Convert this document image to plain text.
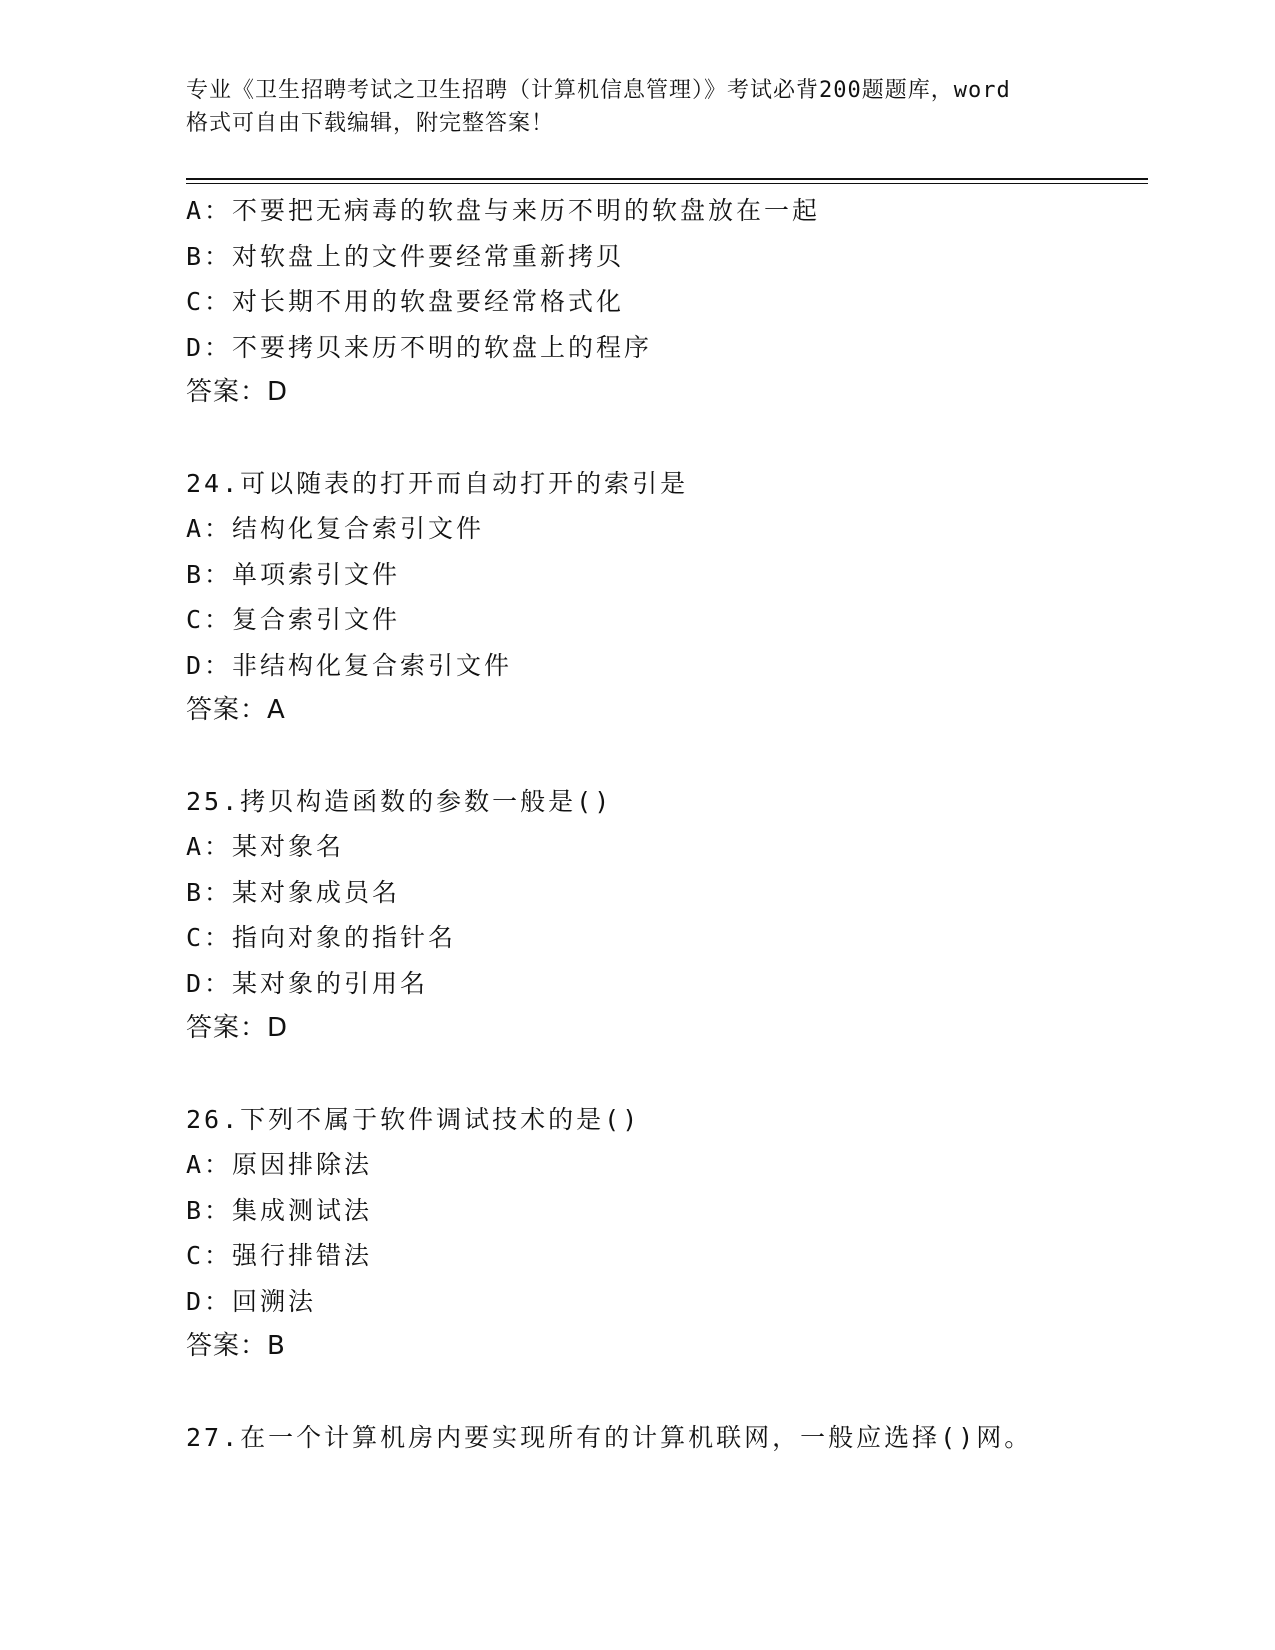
专业《卫生招聘考试之卫生招聘（计算机信息管理）》考试必背200题题库，word
格式可自由下载编辑，附完整答案！
A：不要把无病毒的软盘与来历不明的软盘放在一起
B：对软盘上的文件要经常重新拷贝
C：对长期不用的软盘要经常格式化
D：不要拷贝来历不明的软盘上的程序
答案：D
24.可以随表的打开而自动打开的索引是
A：结构化复合索引文件
B：单项索引文件
C：复合索引文件
D：非结构化复合索引文件
答案：A
25.拷贝构造函数的参数一般是()
A：某对象名
B：某对象成员名
C：指向对象的指针名
D：某对象的引用名
答案：D
26.下列不属于软件调试技术的是()
A：原因排除法
B：集成测试法
C：强行排错法
D：回溯法
答案：B
27.在一个计算机房内要实现所有的计算机联网，一般应选择()网。
